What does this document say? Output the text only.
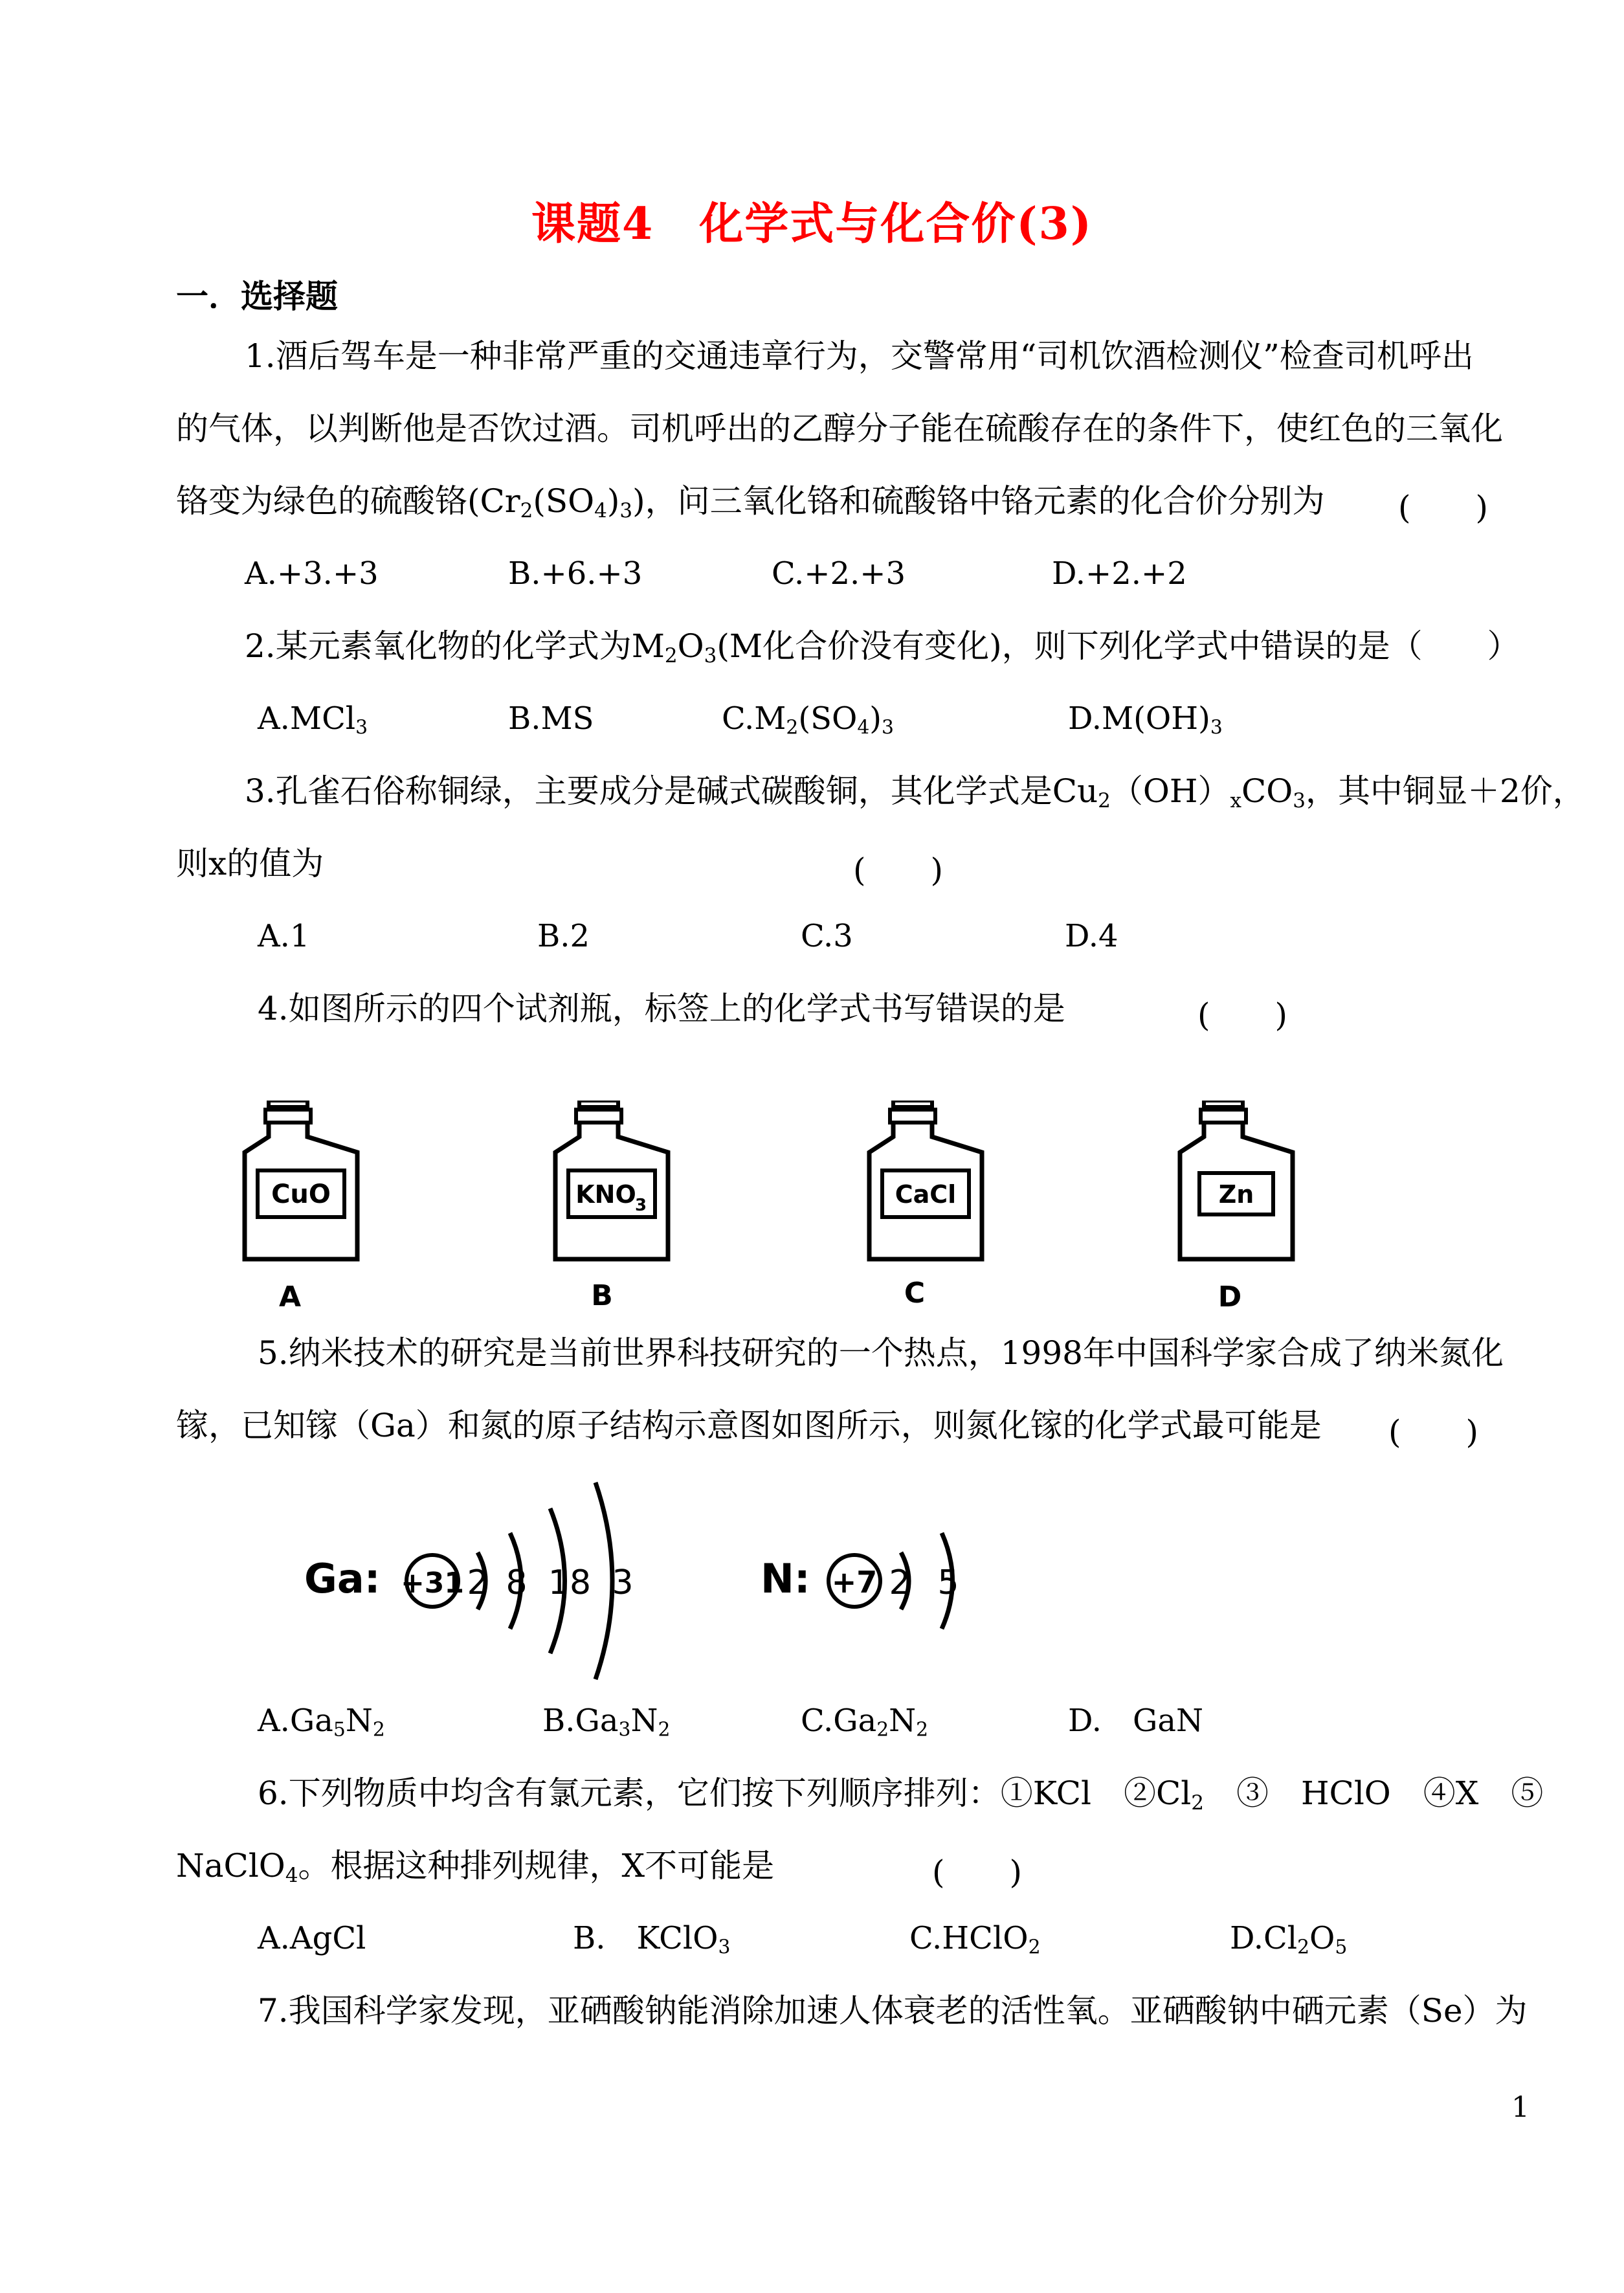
课题4　化学式与化合价(3)
一．选择题
1.酒后驾车是一种非常严重的交通违章行为，交警常用“司机饮酒检测仪”检查司机呼出
的气体，以判断他是否饮过酒。司机呼出的乙醇分子能在硫酸存在的条件下，使红色的三氧化
铬变为绿色的硫酸铬$(Cr_2(SO_4)_3)$，问三氧化铬和硫酸铬中铬元素的化合价分别为 (　　)
A.+3.+3	B.+6.+3	C.+2.+3	D.+2.+2
2.某元素氧化物的化学式为$M_2O_3(M$化合价没有变化)，则下列化学式中错误的是（　　）
A.MCl$_3$	B.MS	$C.M_2(SO_4)_3$	$D.M(OH)_3$
3.孔雀石俗称铜绿，主要成分是碱式碳酸铜，其化学式是$Cu_2(OH)_xCO_3$，其中铜显＋2价，
则x的值为	(　　)
A.1	B.2	C.3	D.4
4.如图所示的四个试剂瓶，标签上的化学式书写错误的是	(　　)
CuO	KNO
3	CaCl	Zn
A	B	C	D
5.纳米技术的研究是当前世界科技研究的一个热点，1998年中国科学家合成了纳米氮化
镓，已知镓（Ga）和氮的原子结构示意图如图所示，则氮化镓的化学式最可能是 (　　)
Ga: +31 2 8 18 3	N: +7 2 5
$A.Ga_5N_2$	$B.Ga_3N_2$	$C.Ga_2N_2$	D.　GaN
6.下列物质中均含有氯元素，它们按下列顺序排列：①KCl　$②Cl_2$　③　HClO　④X　⑤
NaClO$_4$。根据这种排列规律，X不可能是	(　　)
A.AgCl	B.　KClO$_3$	C.HClO$_2$	$D.Cl_2O_5$
7.我国科学家发现，亚硒酸钠能消除加速人体衰老的活性氧。亚硒酸钠中硒元素（Se）为
1
